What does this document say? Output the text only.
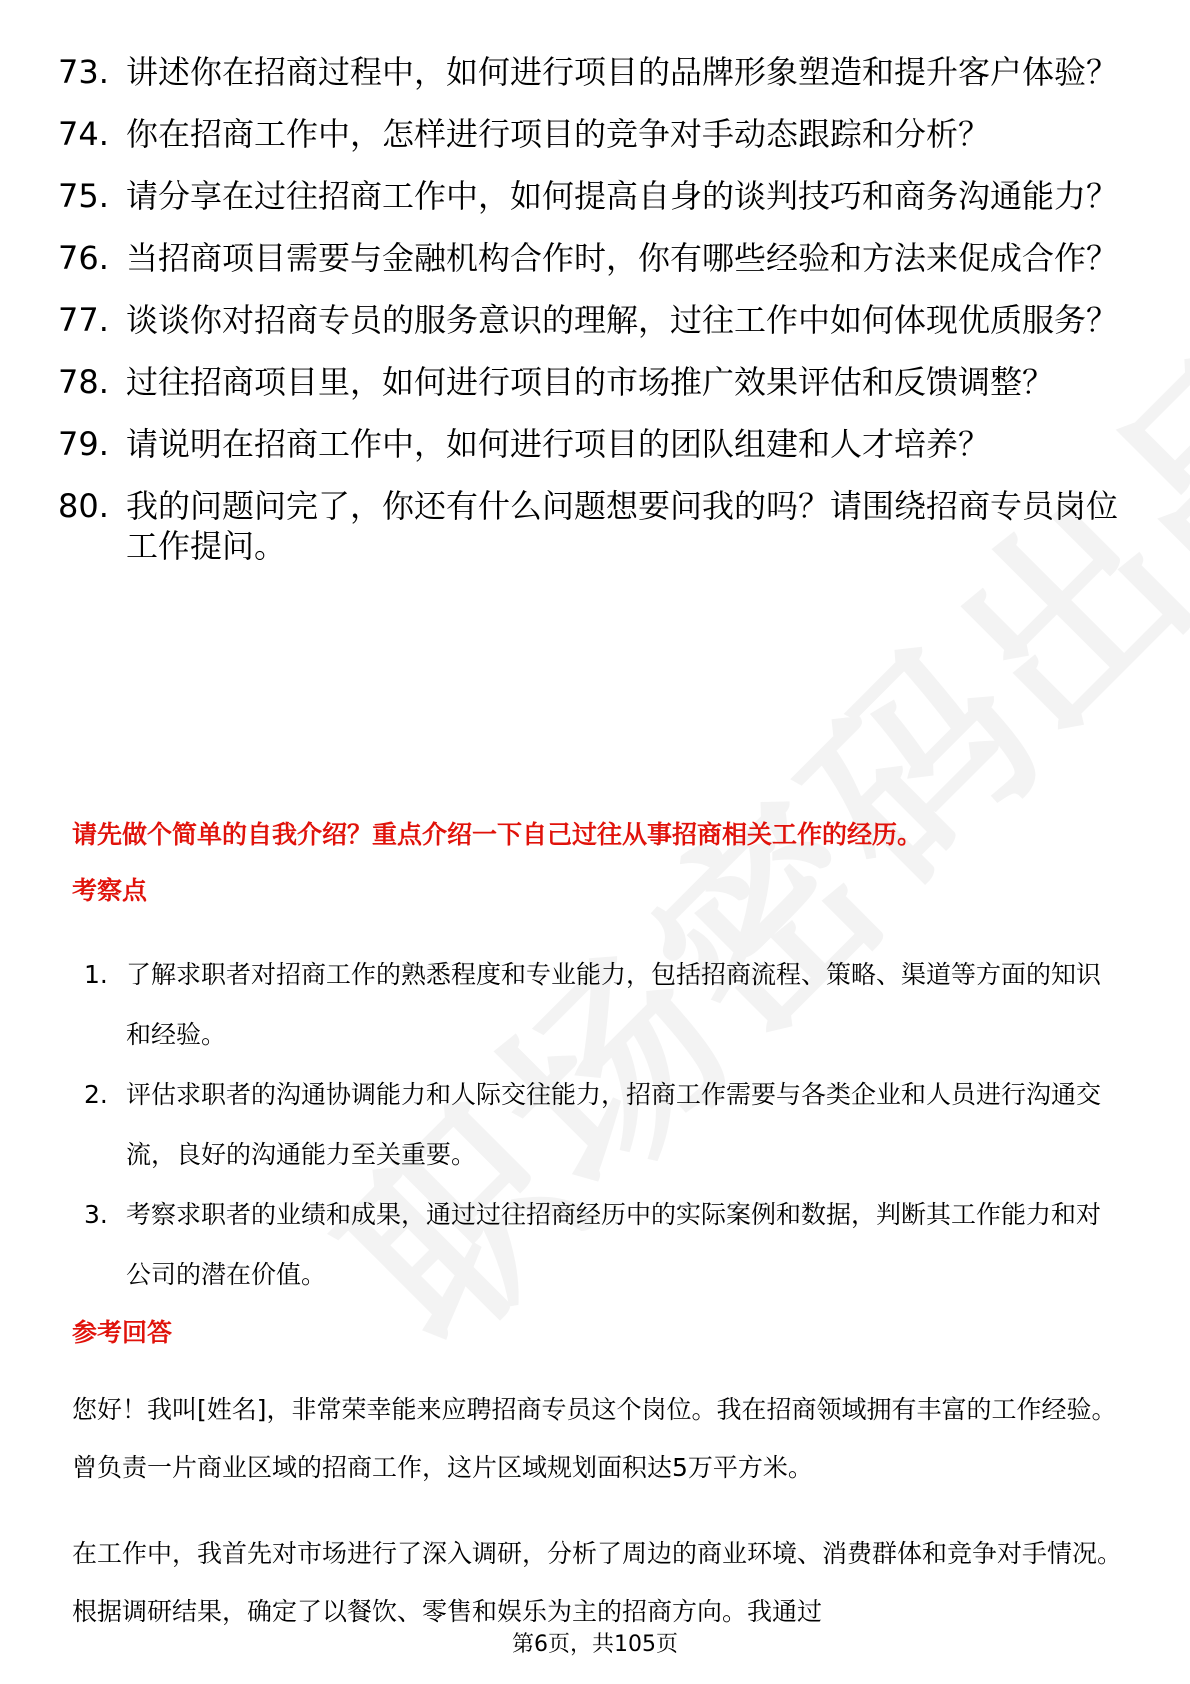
73. 讲述你在招商过程中，如何进行项目的品牌形象塑造和提升客户体验？
74. 你在招商工作中，怎样进行项目的竞争对手动态跟踪和分析？
75. 请分享在过往招商工作中，如何提高自身的谈判技巧和商务沟通能力？
76. 当招商项目需要与金融机构合作时，你有哪些经验和方法来促成合作？
77. 谈谈你对招商专员的服务意识的理解，过往工作中如何体现优质服务？
78. 过往招商项目里，如何进行项目的市场推广效果评估和反馈调整？
79. 请说明在招商工作中，如何进行项目的团队组建和人才培养？
80. 我的问题问完了，你还有什么问题想要问我的吗？请围绕招商专员岗位工作提问。
请先做个简单的自我介绍？重点介绍一下自己过往从事招商相关工作的经历。
考察点
1. 了解求职者对招商工作的熟悉程度和专业能力，包括招商流程、策略、渠道等方面的知识和经验。
2. 评估求职者的沟通协调能力和人际交往能力，招商工作需要与各类企业和人员进行沟通交流，良好的沟通能力至关重要。
3. 考察求职者的业绩和成果，通过过往招商经历中的实际案例和数据，判断其工作能力和对公司的潜在价值。
参考回答

您好！我叫[姓名]，非常荣幸能来应聘招商专员这个岗位。我在招商领域拥有丰富的工作经验。曾负责一片商业区域的招商工作，这片区域规划面积达5万平方米。

在工作中，我首先对市场进行了深入调研，分析了周边的商业环境、消费群体和竞争对手情况。根据调研结果，确定了以餐饮、零售和娱乐为主的招商方向。我通过

第6页，共105页
